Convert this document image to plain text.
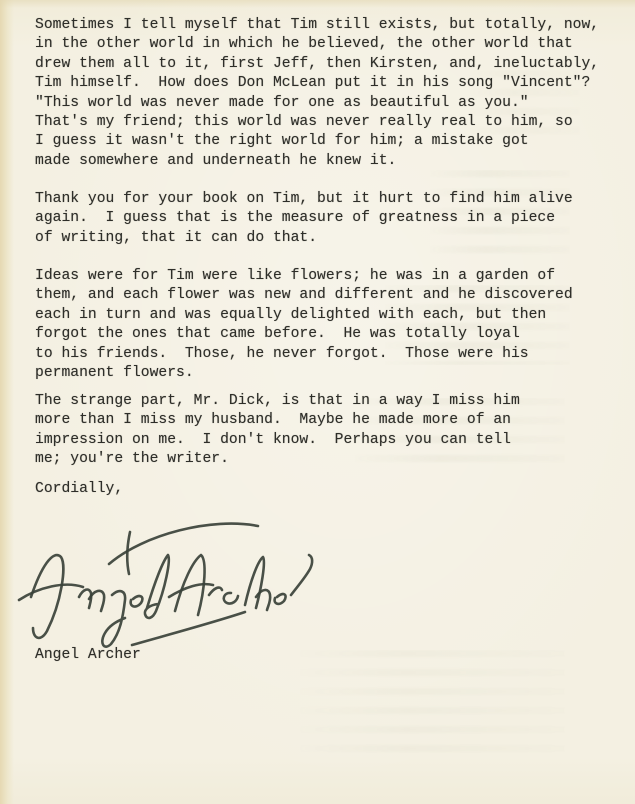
Sometimes I tell myself that Tim still exists, but totally, now,
in the other world in which he believed, the other world that
drew them all to it, first Jeff, then Kirsten, and, ineluctably,
Tim himself.  How does Don McLean put it in his song "Vincent"?
"This world was never made for one as beautiful as you."
That's my friend; this world was never really real to him, so
I guess it wasn't the right world for him; a mistake got
made somewhere and underneath he knew it.

Thank you for your book on Tim, but it hurt to find him alive
again.  I guess that is the measure of greatness in a piece
of writing, that it can do that.

Ideas were for Tim were like flowers; he was in a garden of
them, and each flower was new and different and he discovered
each in turn and was equally delighted with each, but then
forgot the ones that came before.  He was totally loyal
to his friends.  Those, he never forgot.  Those were his
permanent flowers.

The strange part, Mr. Dick, is that in a way I miss him
more than I miss my husband.  Maybe he made more of an
impression on me.  I don't know.  Perhaps you can tell
me; you're the writer.

Cordially,

Angel Archer
